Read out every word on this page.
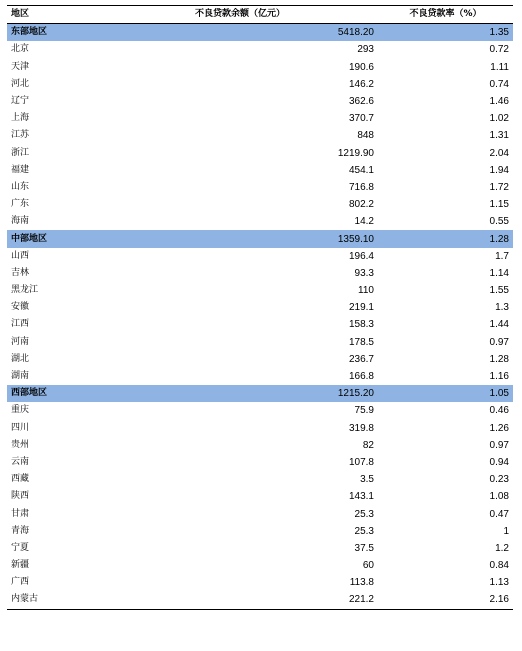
地区	不良贷款余额（亿元）	不良贷款率（%）
东部地区	5418.20	1.35
北京	293	0.72
天津	190.6	1.11
河北	146.2	0.74
辽宁	362.6	1.46
上海	370.7	1.02
江苏	848	1.31
浙江	1219.90	2.04
福建	454.1	1.94
山东	716.8	1.72
广东	802.2	1.15
海南	14.2	0.55
中部地区	1359.10	1.28
山西	196.4	1.7
吉林	93.3	1.14
黑龙江	110	1.55
安徽	219.1	1.3
江西	158.3	1.44
河南	178.5	0.97
湖北	236.7	1.28
湖南	166.8	1.16
西部地区	1215.20	1.05
重庆	75.9	0.46
四川	319.8	1.26
贵州	82	0.97
云南	107.8	0.94
西藏	3.5	0.23
陕西	143.1	1.08
甘肃	25.3	0.47
青海	25.3	1
宁夏	37.5	1.2
新疆	60	0.84
广西	113.8	1.13
内蒙古	221.2	2.16
